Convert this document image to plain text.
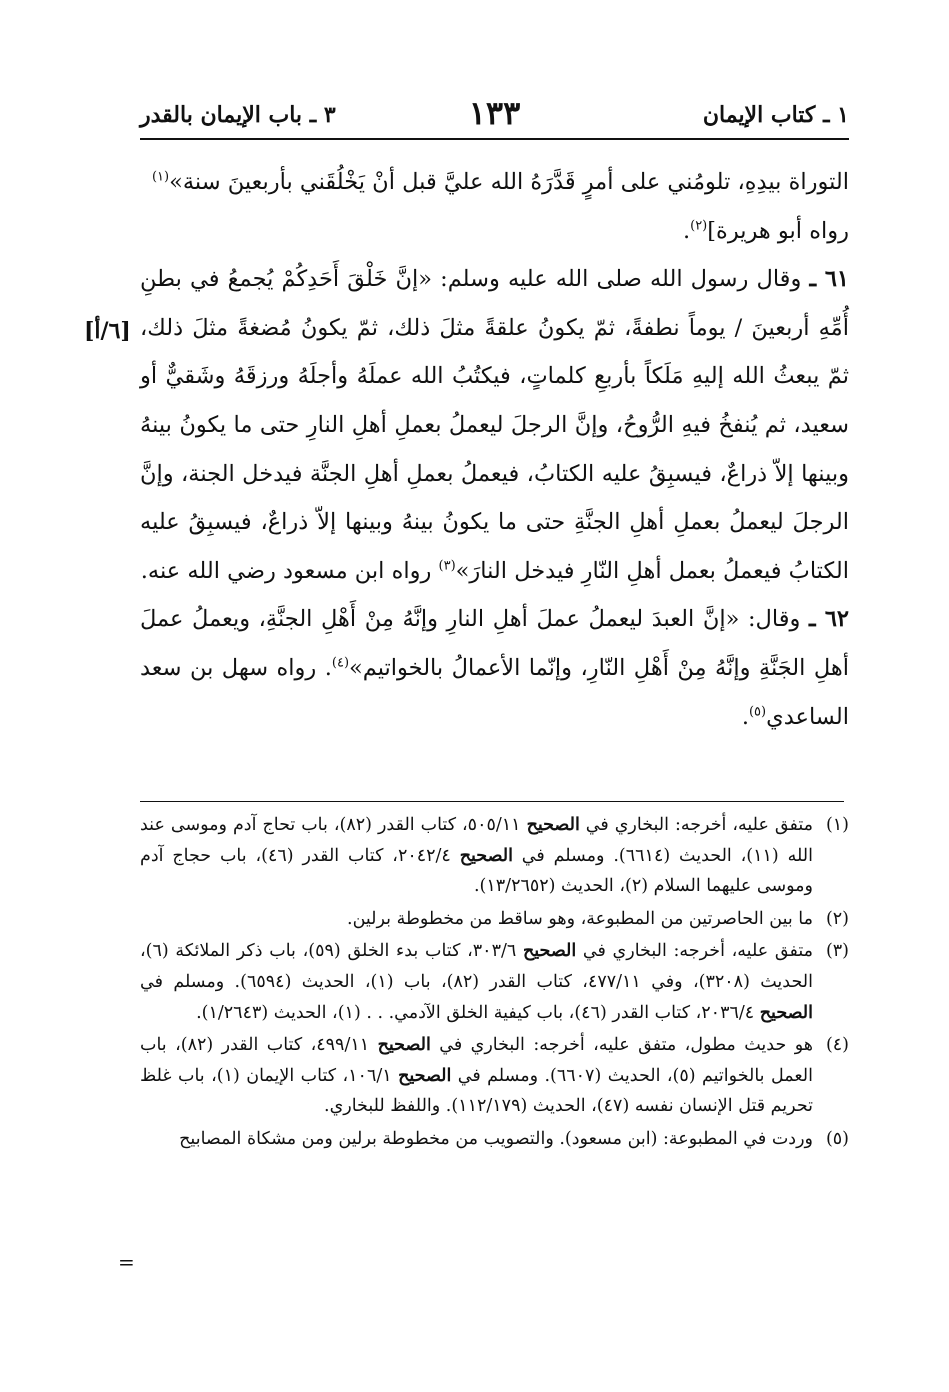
١ ـ كتاب الإيمان
١٣٣
٣ ـ باب الإيمان بالقدر
[٦/أ]

التوراة بيدِهِ، تلومُني على أمرٍ قَدَّرَهُ الله عليَّ قبل أنْ يَخْلُقَني بأربعينَ سنة»$^{(١)}$
رواه أبو هريرة]$^{(٢)}$.

٦١ ـ وقال رسول الله صلى الله عليه وسلم: «إنَّ خَلْقَ أَحَدِكُمْ يُجمعُ في بطنِ أُمِّهِ أربعينَ / يوماً نطفةً، ثمّ يكونُ علقةً مثلَ ذلك، ثمّ يكونُ مُضغةً مثلَ ذلك، ثمّ يبعثُ الله إليهِ مَلَكاً بأربعِ كلماتٍ، فيكتُبُ الله عملَهُ وأجلَهُ ورزقَهُ وشَقيٌّ أو سعيد، ثم يُنفخُ فيهِ الرُّوحُ، وإنَّ الرجلَ ليعملُ بعملِ أهلِ النارِ حتى ما يكونُ بينهُ وبينها إلاّ ذراعٌ، فيسبِقُ عليه الكتابُ، فيعملُ بعملِ أهلِ الجنَّة فيدخل الجنة، وإنَّ الرجلَ ليعملُ بعملِ أهلِ الجنَّةِ حتى ما يكونُ بينهُ وبينها إلاّ ذراعٌ، فيسبِقُ عليه الكتابُ فيعملُ بعمل أهلِ النّارِ فيدخل النارَ»$^{(٣)}$ رواه ابن مسعود رضي الله عنه.

٦٢ ـ وقال: «إنَّ العبدَ ليعملُ عملَ أهلِ النارِ وإنَّهُ مِنْ أَهْلِ الجنَّةِ، ويعملُ عملَ أهلِ الجَنَّةِ وإنَّهُ مِنْ أَهْلِ النّارِ، وإنّما الأعمالُ بالخواتيم»$^{(٤)}$. رواه سهل بن سعد الساعدي$^{(٥)}$.

(١)
متفق عليه، أخرجه: البخاري في الصحيح ٥٠٥/١١، كتاب القدر (٨٢)، باب تحاج آدم وموسى عند الله (١١)، الحديث (٦٦١٤). ومسلم في الصحيح ٢٠٤٢/٤، كتاب القدر (٤٦)، باب حجاج آدم وموسى عليهما السلام (٢)، الحديث (١٣/٢٦٥٢).

(٢)
ما بين الحاصرتين من المطبوعة، وهو ساقط من مخطوطة برلين.

(٣)
متفق عليه، أخرجه: البخاري في الصحيح ٣٠٣/٦، كتاب بدء الخلق (٥٩)، باب ذكر الملائكة (٦)، الحديث (٣٢٠٨)، وفي ٤٧٧/١١، كتاب القدر (٨٢)، باب (١)، الحديث (٦٥٩٤). ومسلم في الصحيح ٢٠٣٦/٤، كتاب القدر (٤٦)، باب كيفية الخلق الآدمي. . . (١)، الحديث (١/٢٦٤٣).

(٤)
هو حديث مطول، متفق عليه، أخرجه: البخاري في الصحيح ٤٩٩/١١، كتاب القدر (٨٢)، باب العمل بالخواتيم (٥)، الحديث (٦٦٠٧). ومسلم في الصحيح ١٠٦/١، كتاب الإيمان (١)، باب غلظ تحريم قتل الإنسان نفسه (٤٧)، الحديث (١١٢/١٧٩). واللفظ للبخاري.

(٥)
وردت في المطبوعة: (ابن مسعود). والتصويب من مخطوطة برلين ومن مشكاة المصابيح

=
